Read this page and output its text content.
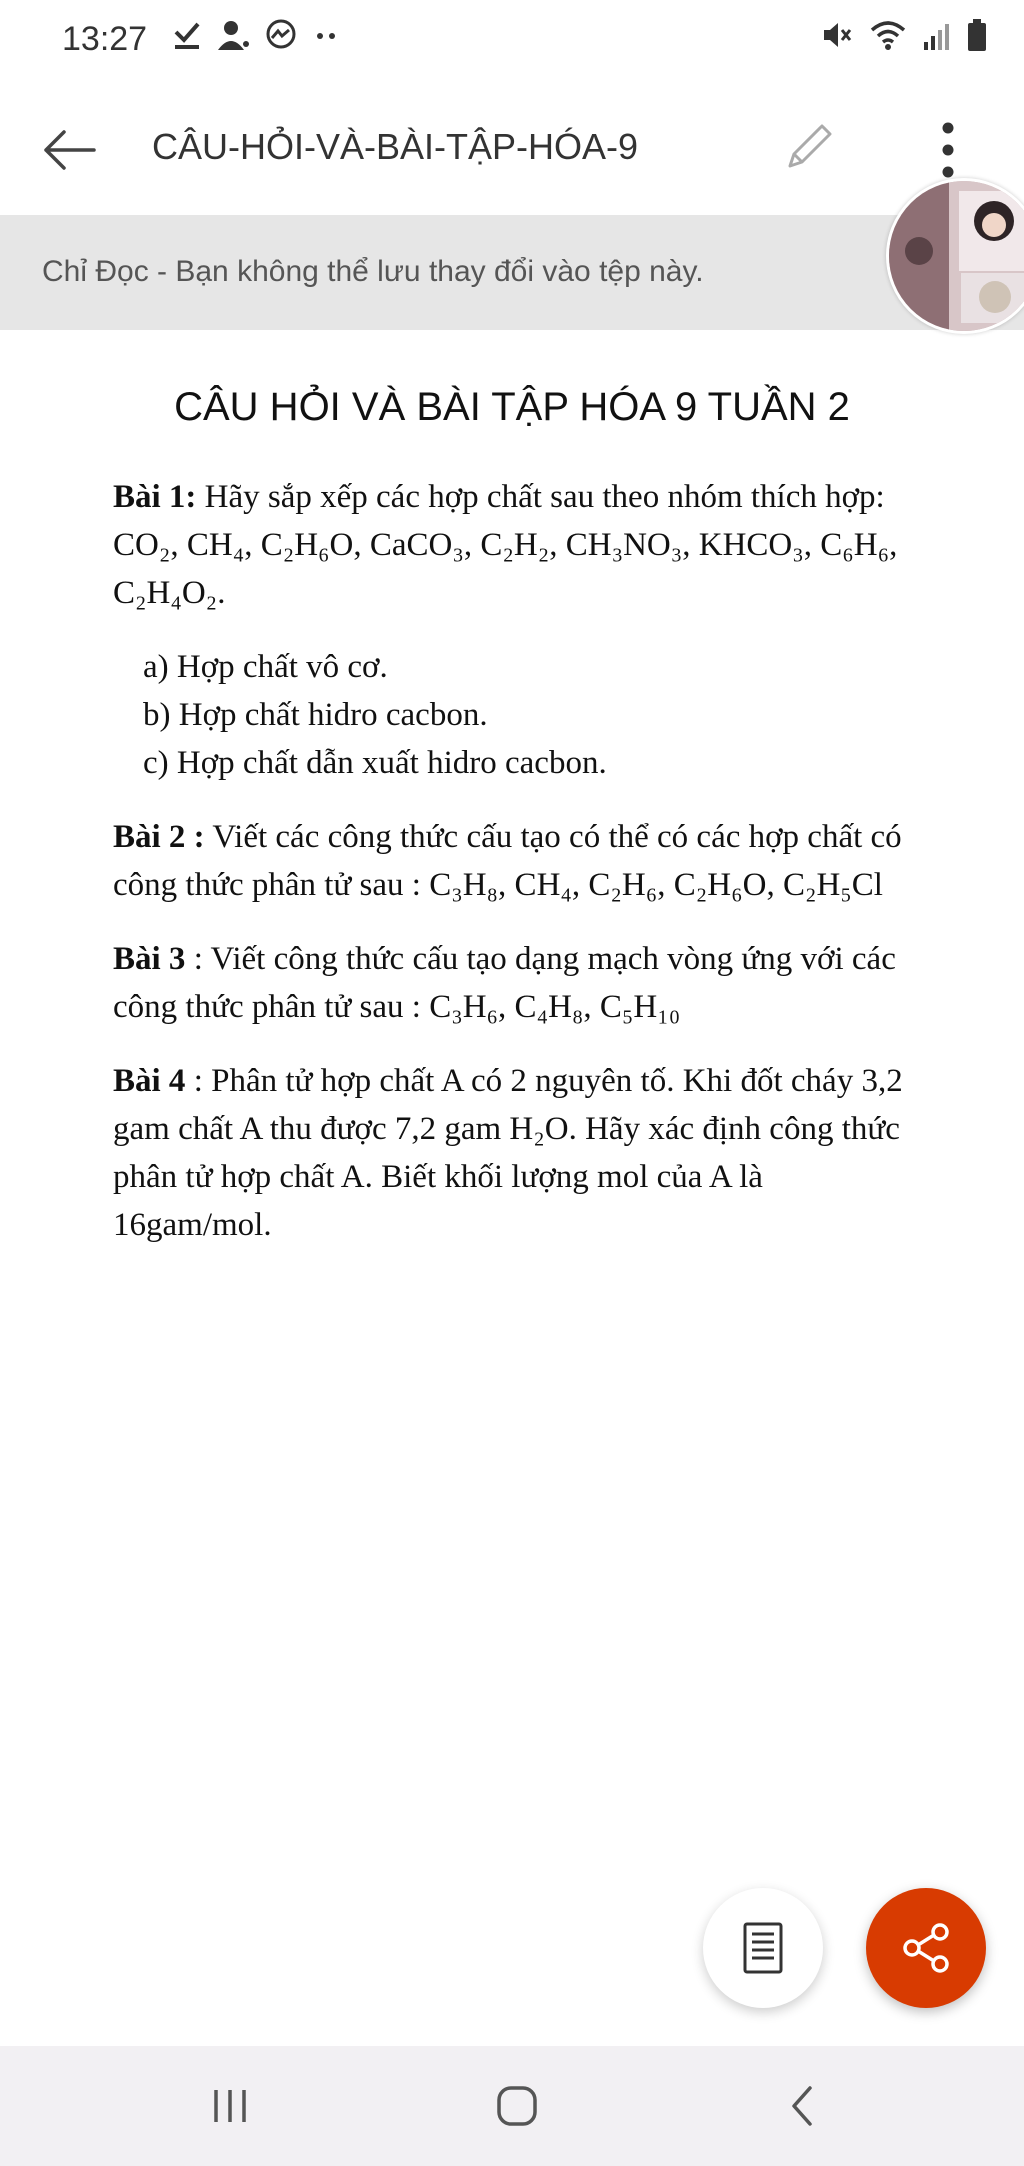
13:27
CÂU-HỎI-VÀ-BÀI-TẬP-HÓA-9
Chỉ Đọc - Bạn không thể lưu thay đổi vào tệp này.
CÂU HỎI VÀ BÀI TẬP HÓA 9 TUẦN 2

Bài 1: Hãy sắp xếp các hợp chất sau theo nhóm thích hợp: CO₂, CH₄, C₂H₆O, CaCO₃, C₂H₂, CH₃NO₃, KHCO₃, C₆H₆, C₂H₄O₂.

a) Hợp chất vô cơ.
b) Hợp chất hidro cacbon.
c) Hợp chất dẫn xuất hidro cacbon.

Bài 2 : Viết các công thức cấu tạo có thể có các hợp chất có công thức phân tử sau : C₃H₈, CH₄, C₂H₆, C₂H₆O, C₂H₅Cl

Bài 3 : Viết công thức cấu tạo dạng mạch vòng ứng với các công thức phân tử sau : C₃H₆, C₄H₈, C₅H₁₀

Bài 4 : Phân tử hợp chất A có 2 nguyên tố. Khi đốt cháy 3,2 gam chất A thu được 7,2 gam H₂O. Hãy xác định công thức phân tử hợp chất A. Biết khối lượng mol của A là 16gam/mol.
